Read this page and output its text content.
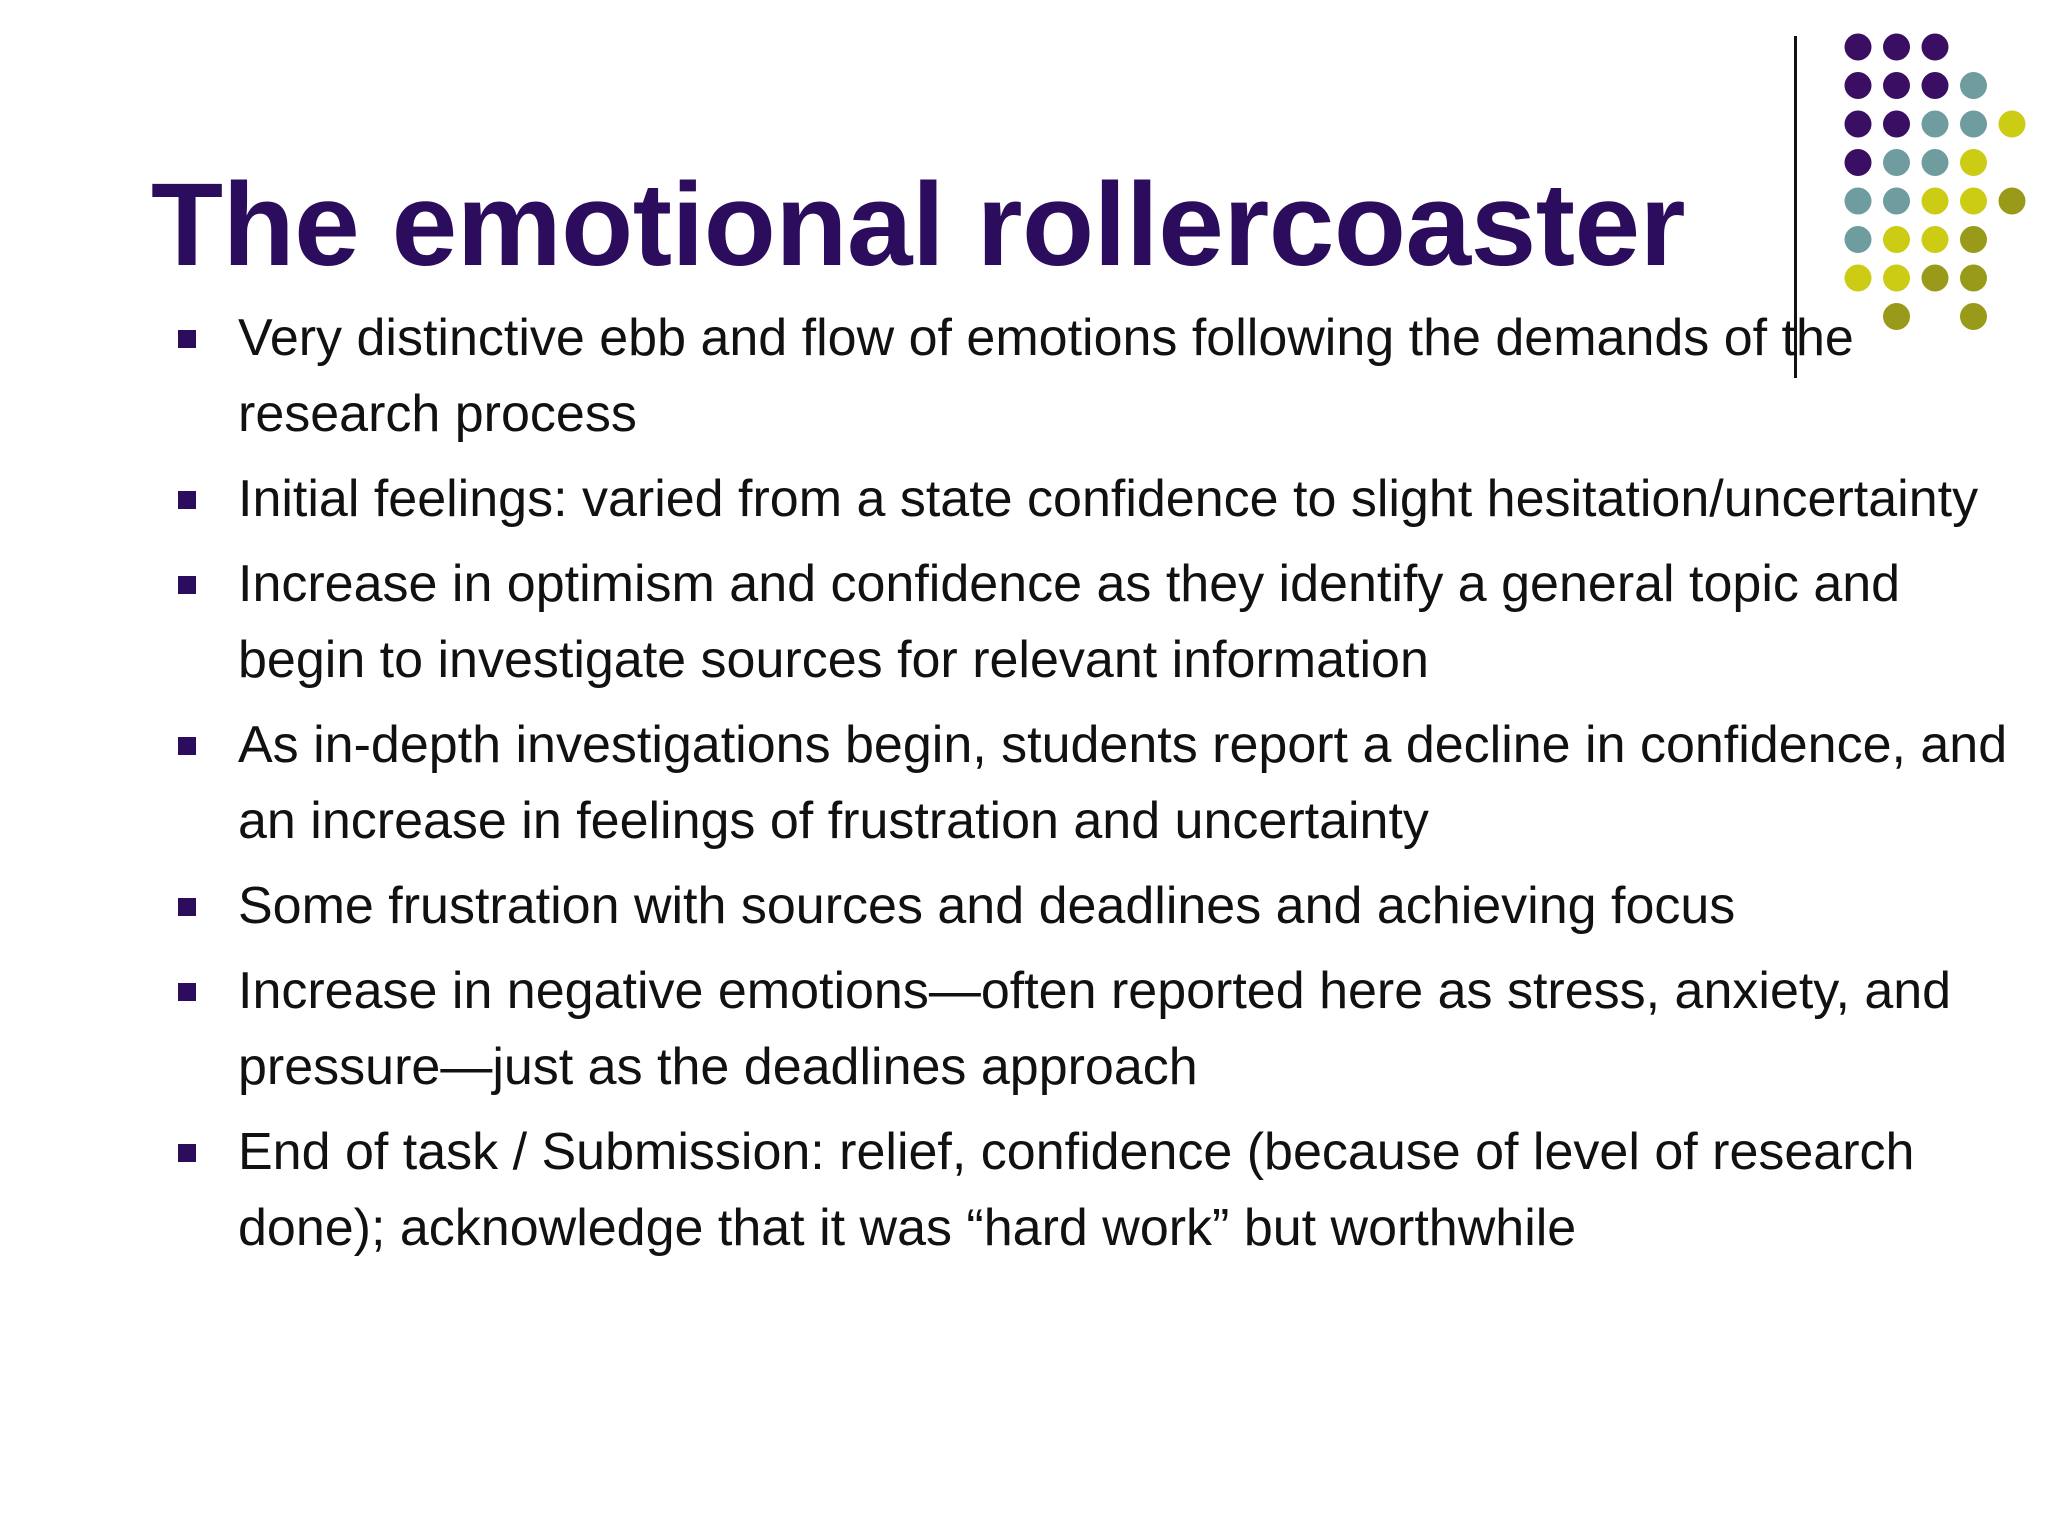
The emotional rollercoaster
Very distinctive ebb and flow of emotions following the demands of the research process
Initial feelings: varied from a state confidence to slight hesitation/uncertainty
Increase in optimism and confidence as they identify a general topic and begin to investigate sources for relevant information
As in-depth investigations begin, students report a decline in confidence, and an increase in feelings of frustration and uncertainty
Some frustration with sources and deadlines and achieving focus
Increase in negative emotions—often reported here as stress, anxiety, and pressure—just as the deadlines approach
End of task / Submission: relief, confidence (because of level of research done); acknowledge that it was “hard work” but worthwhile
